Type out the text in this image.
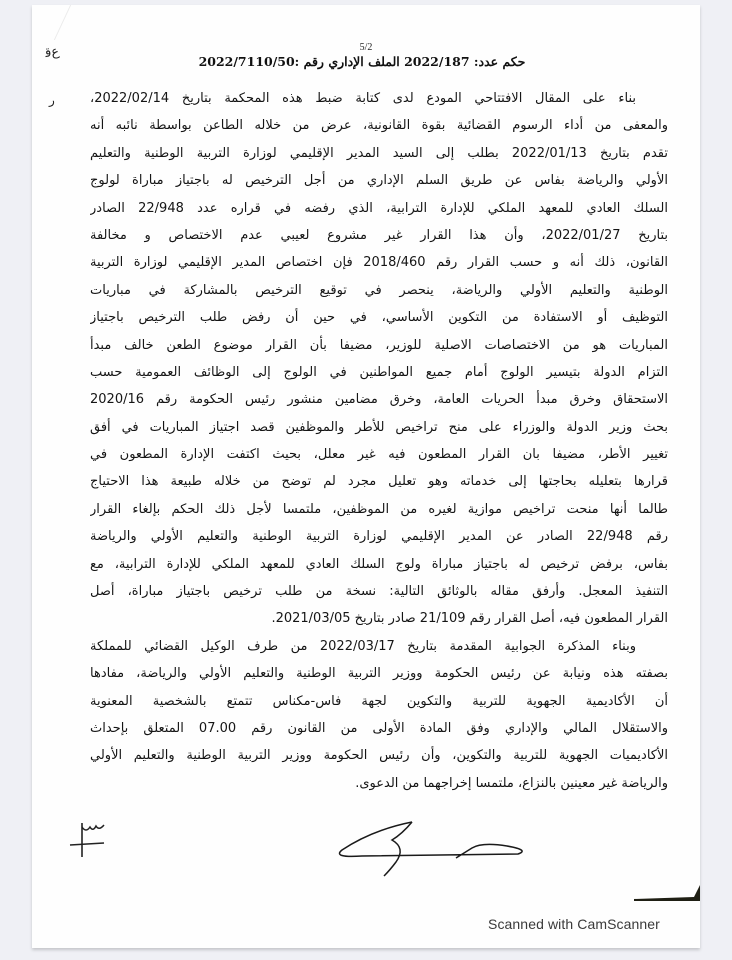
ﻉﻗ
ﺭ
5/2
حكم عدد: 2022/187 الملف الإداري رقم :2022/7110/50
بناء على المقال الافتتاحي المودع لدى كتابة ضبط هذه المحكمة بتاريخ 2022/02/14،
والمعفى من أداء الرسوم القضائية بقوة القانونية، عرض من خلاله الطاعن بواسطة نائبه أنه
تقدم بتاريخ 2022/01/13 بطلب إلى السيد المدير الإقليمي لوزارة التربية الوطنية والتعليم
الأولي والرياضة بفاس عن طريق السلم الإداري من أجل الترخيص له باجتياز مباراة لولوج
السلك العادي للمعهد الملكي للإدارة الترابية، الذي رفضه في قراره عدد 22/948 الصادر
بتاريخ 2022/01/27، وأن هذا القرار غير مشروع لعيبي عدم الاختصاص و مخالفة
القانون، ذلك أنه و حسب القرار رقم 2018/460 فإن اختصاص المدير الإقليمي لوزارة التربية
الوطنية والتعليم الأولي والرياضة، ينحصر في توقيع الترخيص بالمشاركة في مباريات
التوظيف أو الاستفادة من التكوين الأساسي، في حين أن رفض طلب الترخيص باجتياز
المباريات هو من الاختصاصات الاصلية للوزير، مضيفا بأن القرار موضوع الطعن خالف مبدأ
التزام الدولة بتيسير الولوج أمام جميع المواطنين في الولوج إلى الوظائف العمومية حسب
الاستحقاق وخرق مبدأ الحريات العامة، وخرق مضامين منشور رئيس الحكومة رقم 2020/16
بحث وزير الدولة والوزراء على منح تراخيص للأطر والموظفين قصد اجتياز المباريات في أفق
تغيير الأطر، مضيفا بان القرار المطعون فيه غير معلل، بحيث اكتفت الإدارة المطعون في
قرارها بتعليله بحاجتها إلى خدماته وهو تعليل مجرد لم توضح من خلاله طبيعة هذا الاحتياج
طالما أنها منحت تراخيص موازية لغيره من الموظفين، ملتمسا لأجل ذلك الحكم بإلغاء القرار
رقم 22/948 الصادر عن المدير الإقليمي لوزارة التربية الوطنية والتعليم الأولي والرياضة
بفاس، برفض ترخيص له باجتياز مباراة ولوج السلك العادي للمعهد الملكي للإدارة الترابية، مع
التنفيذ المعجل. وأرفق مقاله بالوثائق التالية: نسخة من طلب ترخيص باجتياز مباراة، أصل
القرار المطعون فيه، أصل القرار رقم 21/109 صادر بتاريخ 2021/03/05.
وبناء المذكرة الجوابية المقدمة بتاريخ 2022/03/17 من طرف الوكيل القضائي للمملكة
بصفته هذه ونيابة عن رئيس الحكومة ووزير التربية الوطنية والتعليم الأولي والرياضة، مفادها
أن الأكاديمية الجهوية للتربية والتكوين لجهة فاس-مكناس تتمتع بالشخصية المعنوية
والاستقلال المالي والإداري وفق المادة الأولى من القانون رقم 07.00 المتعلق بإحداث
الأكاديميات الجهوية للتربية والتكوين، وأن رئيس الحكومة ووزير التربية الوطنية والتعليم الأولي
والرياضة غير معينين بالنزاع، ملتمسا إخراجهما من الدعوى.
Scanned with CamScanner
